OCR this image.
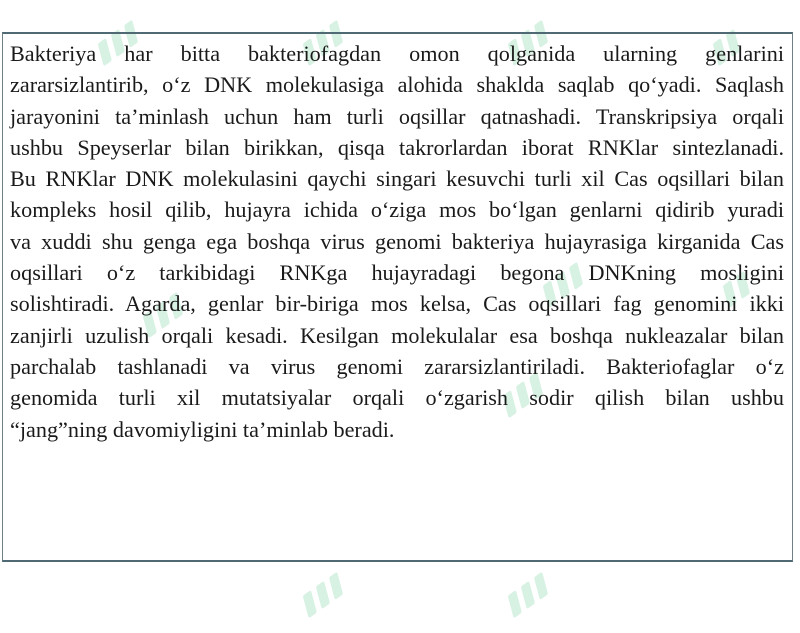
Bakteriya har bitta bakteriofagdan omon qolganida ularning genlarini
zararsizlantirib, o‘z DNK molekulasiga alohida shaklda saqlab qo‘yadi. Saqlash
jarayonini ta’minlash uchun ham turli oqsillar qatnashadi. Transkripsiya orqali
ushbu Speyserlar bilan birikkan, qisqa takrorlardan iborat RNKlar sintezlanadi.
Bu RNKlar DNK molekulasini qaychi singari kesuvchi turli xil Cas oqsillari bilan
kompleks hosil qilib, hujayra ichida o‘ziga mos bo‘lgan genlarni qidirib yuradi
va xuddi shu genga ega boshqa virus genomi bakteriya hujayrasiga kirganida Cas
oqsillari o‘z tarkibidagi RNKga hujayradagi begona DNKning mosligini
solishtiradi. Agarda, genlar bir-biriga mos kelsa, Cas oqsillari fag genomini ikki
zanjirli uzulish orqali kesadi. Kesilgan molekulalar esa boshqa nukleazalar bilan
parchalab tashlanadi va virus genomi zararsizlantiriladi. Bakteriofaglar o‘z
genomida turli xil mutatsiyalar orqali o‘zgarish sodir qilish bilan ushbu
“jang”ning davomiyligini ta’minlab beradi.
